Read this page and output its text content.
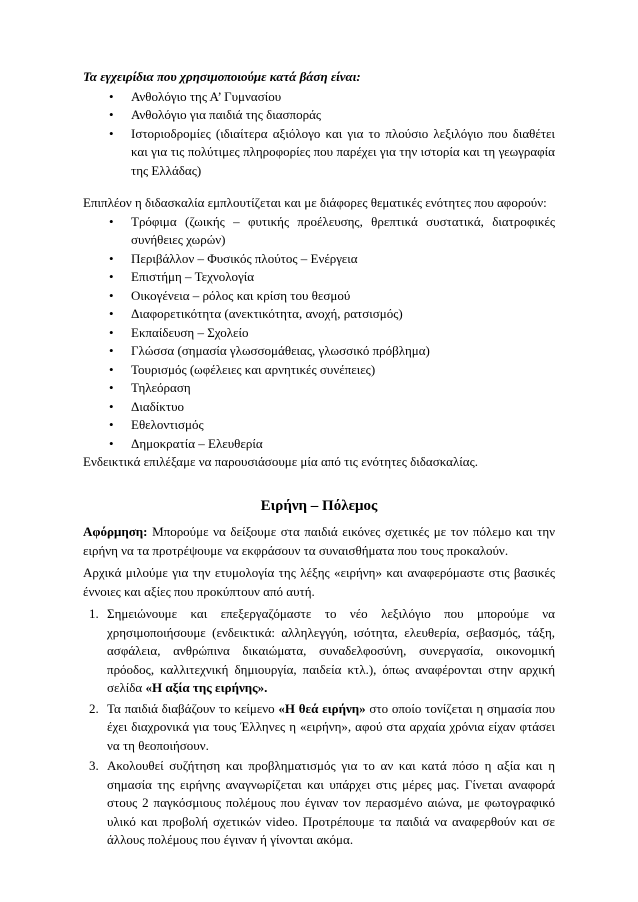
Τα εγχειρίδια που χρησιμοποιούμε κατά βάση είναι:

• Ανθολόγιο της Α’ Γυμνασίου
• Ανθολόγιο για παιδιά της διασποράς
• Ιστοριοδρομίες (ιδιαίτερα αξιόλογο και για το πλούσιο λεξιλόγιο που διαθέτει και για τις πολύτιμες πληροφορίες που παρέχει για την ιστορία και τη γεωγραφία της Ελλάδας)

Επιπλέον η διδασκαλία εμπλουτίζεται και με διάφορες θεματικές ενότητες που αφορούν:

• Τρόφιμα (ζωικής – φυτικής προέλευσης, θρεπτικά συστατικά, διατροφικές συνήθειες χωρών)
• Περιβάλλον – Φυσικός πλούτος – Ενέργεια
• Επιστήμη – Τεχνολογία
• Οικογένεια – ρόλος και κρίση του θεσμού
• Διαφορετικότητα (ανεκτικότητα, ανοχή, ρατσισμός)
• Εκπαίδευση – Σχολείο
• Γλώσσα (σημασία γλωσσομάθειας, γλωσσικό πρόβλημα)
• Τουρισμός (ωφέλειες και αρνητικές συνέπειες)
• Τηλεόραση
• Διαδίκτυο
• Εθελοντισμός
• Δημοκρατία – Ελευθερία

Ενδεικτικά επιλέξαμε να παρουσιάσουμε μία από τις ενότητες διδασκαλίας.

Ειρήνη – Πόλεμος

Αφόρμηση: Μπορούμε να δείξουμε στα παιδιά εικόνες σχετικές με τον πόλεμο και την ειρήνη να τα προτρέψουμε να εκφράσουν τα συναισθήματα που τους προκαλούν.

Αρχικά μιλούμε για την ετυμολογία της λέξης «ειρήνη» και αναφερόμαστε στις βασικές έννοιες και αξίες που προκύπτουν από αυτή.

1. Σημειώνουμε και επεξεργαζόμαστε το νέο λεξιλόγιο που μπορούμε να χρησιμοποιήσουμε (ενδεικτικά: αλληλεγγύη, ισότητα, ελευθερία, σεβασμός, τάξη, ασφάλεια, ανθρώπινα δικαιώματα, συναδελφοσύνη, συνεργασία, οικονομική πρόοδος, καλλιτεχνική δημιουργία, παιδεία κτλ.), όπως αναφέρονται στην αρχική σελίδα «Η αξία της ειρήνης».
2. Τα παιδιά διαβάζουν το κείμενο «Η θεά ειρήνη» στο οποίο τονίζεται η σημασία που έχει διαχρονικά για τους Έλληνες η «ειρήνη», αφού στα αρχαία χρόνια είχαν φτάσει να τη θεοποιήσουν.
3. Ακολουθεί συζήτηση και προβληματισμός για το αν και κατά πόσο η αξία και η σημασία της ειρήνης αναγνωρίζεται και υπάρχει στις μέρες μας. Γίνεται αναφορά στους 2 παγκόσμιους πολέμους που έγιναν τον περασμένο αιώνα, με φωτογραφικό υλικό και προβολή σχετικών video. Προτρέπουμε τα παιδιά να αναφερθούν και σε άλλους πολέμους που έγιναν ή γίνονται ακόμα.
